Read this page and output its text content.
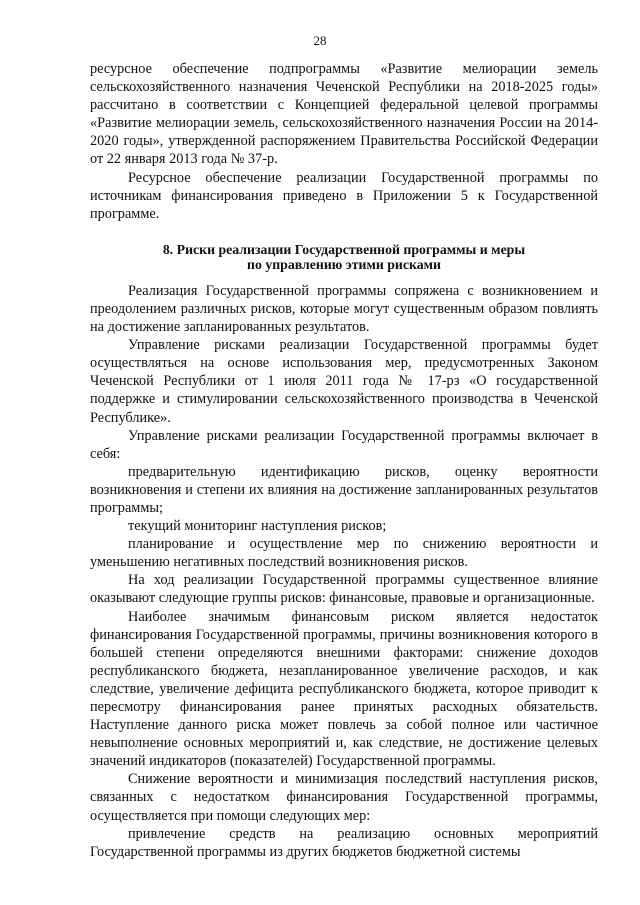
28

ресурсное обеспечение подпрограммы «Развитие мелиорации земель сельскохозяйственного назначения Чеченской Республики на 2018-2025 годы» рассчитано в соответствии с Концепцией федеральной целевой программы «Развитие мелиорации земель, сельскохозяйственного назначения России на 2014-2020 годы», утвержденной распоряжением Правительства Российской Федерации от 22 января 2013 года № 37-р.

Ресурсное обеспечение реализации Государственной программы по источникам финансирования приведено в Приложении 5 к Государственной программе.

8. Риски реализации Государственной программы и меры
по управлению этими рисками

Реализация Государственной программы сопряжена с возникновением и преодолением различных рисков, которые могут существенным образом повлиять на достижение запланированных результатов.

Управление рисками реализации Государственной программы будет осуществляться на основе использования мер, предусмотренных Законом Чеченской Республики от 1 июля 2011 года № 17-рз «О государственной поддержке и стимулировании сельскохозяйственного производства в Чеченской Республике».

Управление рисками реализации Государственной программы включает в себя:

предварительную идентификацию рисков, оценку вероятности возникновения и степени их влияния на достижение запланированных результатов программы;

текущий мониторинг наступления рисков;

планирование и осуществление мер по снижению вероятности и уменьшению негативных последствий возникновения рисков.

На ход реализации Государственной программы существенное влияние оказывают следующие группы рисков: финансовые, правовые и организационные.

Наиболее значимым финансовым риском является недостаток финансирования Государственной программы, причины возникновения которого в большей степени определяются внешними факторами: снижение доходов республиканского бюджета, незапланированное увеличение расходов, и как следствие, увеличение дефицита республиканского бюджета, которое приводит к пересмотру финансирования ранее принятых расходных обязательств. Наступление данного риска может повлечь за собой полное или частичное невыполнение основных мероприятий и, как следствие, не достижение целевых значений индикаторов (показателей) Государственной программы.

Снижение вероятности и минимизация последствий наступления рисков, связанных с недостатком финансирования Государственной программы, осуществляется при помощи следующих мер:

привлечение средств на реализацию основных мероприятий Государственной программы из других бюджетов бюджетной системы
